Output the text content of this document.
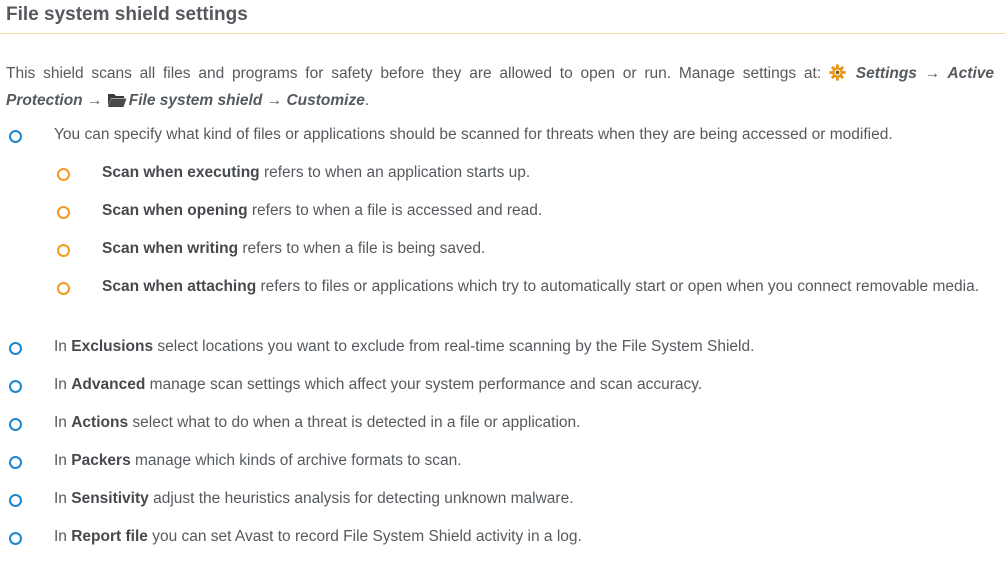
File system shield settings
This shield scans all files and programs for safety before they are allowed to open or run. Manage settings at:  Settings → Active Protection → File system shield → Customize.
You can specify what kind of files or applications should be scanned for threats when they are being accessed or modified.
Scan when executing refers to when an application starts up.
Scan when opening refers to when a file is accessed and read.
Scan when writing refers to when a file is being saved.
Scan when attaching refers to files or applications which try to automatically start or open when you connect removable media.
In Exclusions select locations you want to exclude from real-time scanning by the File System Shield.
In Advanced manage scan settings which affect your system performance and scan accuracy.
In Actions select what to do when a threat is detected in a file or application.
In Packers manage which kinds of archive formats to scan.
In Sensitivity adjust the heuristics analysis for detecting unknown malware.
In Report file you can set Avast to record File System Shield activity in a log.
